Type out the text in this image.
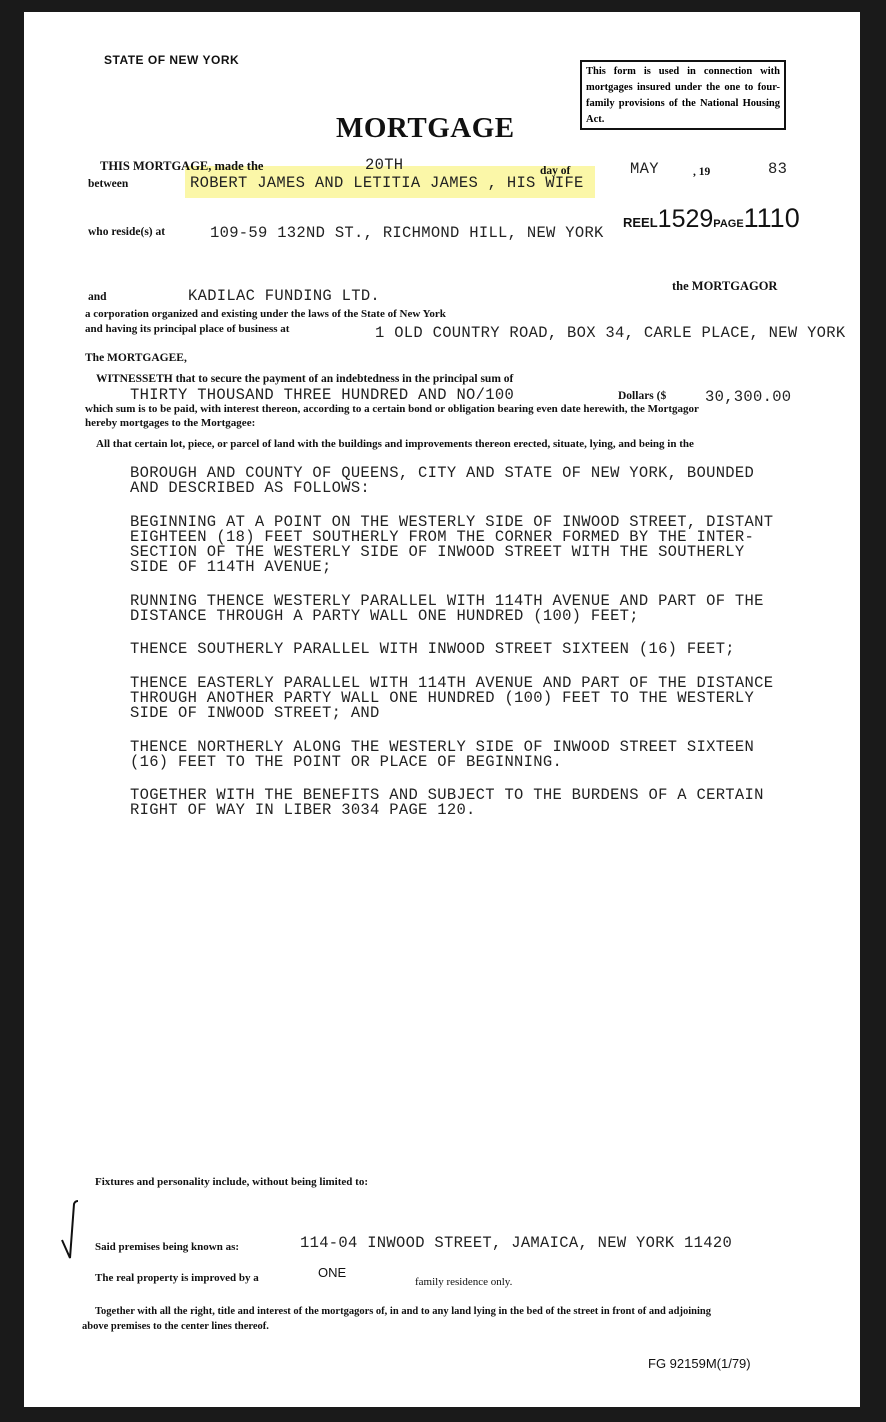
STATE OF NEW YORK
This form is used in connection with mortgages insured under the one to four-family provisions of the National Housing Act.
MORTGAGE
THIS MORTGAGE, made the	20TH	day of	MAY	, 19	83
between	ROBERT JAMES AND LETITIA JAMES , HIS WIFE
who reside(s) at	109-59 132ND ST., RICHMOND HILL, NEW YORK
REEL1529PAGE1110
the MORTGAGOR
and	KADILAC FUNDING LTD.
a corporation organized and existing under the laws of the State of New York
and having its principal place of business at	1 OLD COUNTRY ROAD, BOX 34, CARLE PLACE, NEW YORK
The MORTGAGEE,
WITNESSETH that to secure the payment of an indebtedness in the principal sum of
THIRTY THOUSAND THREE HUNDRED AND NO/100	Dollars ($	30,300.00
which sum is to be paid, with interest thereon, according to a certain bond or obligation bearing even date herewith, the Mortgagor
hereby mortgages to the Mortgagee:
All that certain lot, piece, or parcel of land with the buildings and improvements thereon erected, situate, lying, and being in the

BOROUGH AND COUNTY OF QUEENS, CITY AND STATE OF NEW YORK, BOUNDED
AND DESCRIBED AS FOLLOWS:

BEGINNING AT A POINT ON THE WESTERLY SIDE OF INWOOD STREET, DISTANT
EIGHTEEN (18) FEET SOUTHERLY FROM THE CORNER FORMED BY THE INTER-
SECTION OF THE WESTERLY SIDE OF INWOOD STREET WITH THE SOUTHERLY
SIDE OF 114TH AVENUE;

RUNNING THENCE WESTERLY PARALLEL WITH 114TH AVENUE AND PART OF THE
DISTANCE THROUGH A PARTY WALL ONE HUNDRED (100) FEET;

THENCE SOUTHERLY PARALLEL WITH INWOOD STREET SIXTEEN (16) FEET;

THENCE EASTERLY PARALLEL WITH 114TH AVENUE AND PART OF THE DISTANCE
THROUGH ANOTHER PARTY WALL ONE HUNDRED (100) FEET TO THE WESTERLY
SIDE OF INWOOD STREET; AND

THENCE NORTHERLY ALONG THE WESTERLY SIDE OF INWOOD STREET SIXTEEN
(16) FEET TO THE POINT OR PLACE OF BEGINNING.

TOGETHER WITH THE BENEFITS AND SUBJECT TO THE BURDENS OF A CERTAIN
RIGHT OF WAY IN LIBER 3034 PAGE 120.

Fixtures and personality include, without being limited to:
Said premises being known as:	114-04 INWOOD STREET, JAMAICA, NEW YORK 11420
The real property is improved by a	ONE
family residence only.
Together with all the right, title and interest of the mortgagors of, in and to any land lying in the bed of the street in front of and adjoining
above premises to the center lines thereof.
FG 92159M(1/79)
